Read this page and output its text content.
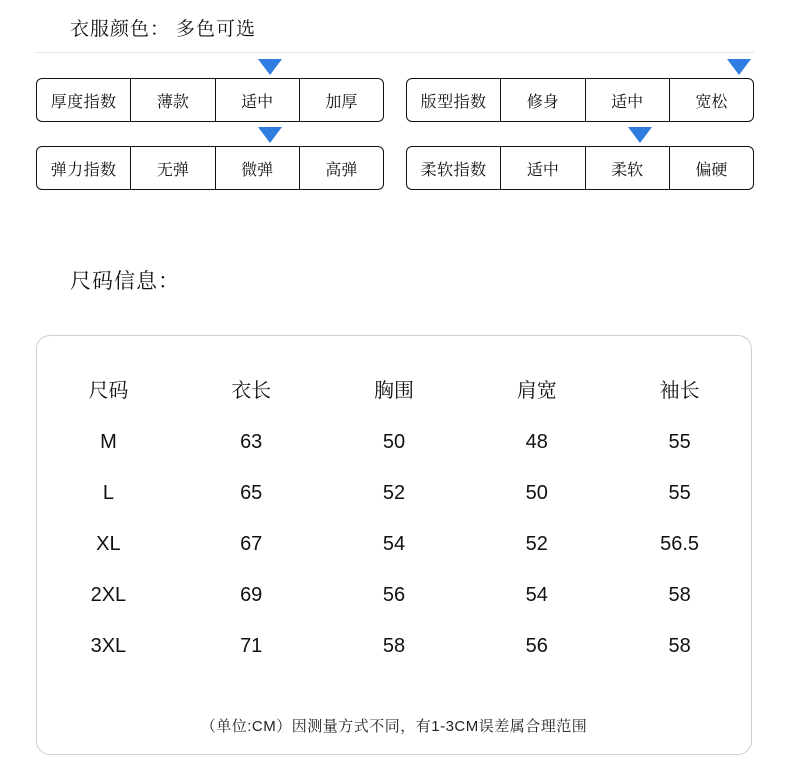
衣服颜色： 多色可选
厚度指数	薄款	适中	加厚	版型指数	修身	适中	宽松
弹力指数	无弹	微弹	高弹	柔软指数	适中	柔软	偏硬
尺码信息：
尺码	衣长	胸围	肩宽	袖长
M	63	50	48	55
L	65	52	50	55
XL	67	54	52	56.5
2XL	69	56	54	58
3XL	71	58	56	58
（单位:CM）因测量方式不同，有1-3CM误差属合理范围
